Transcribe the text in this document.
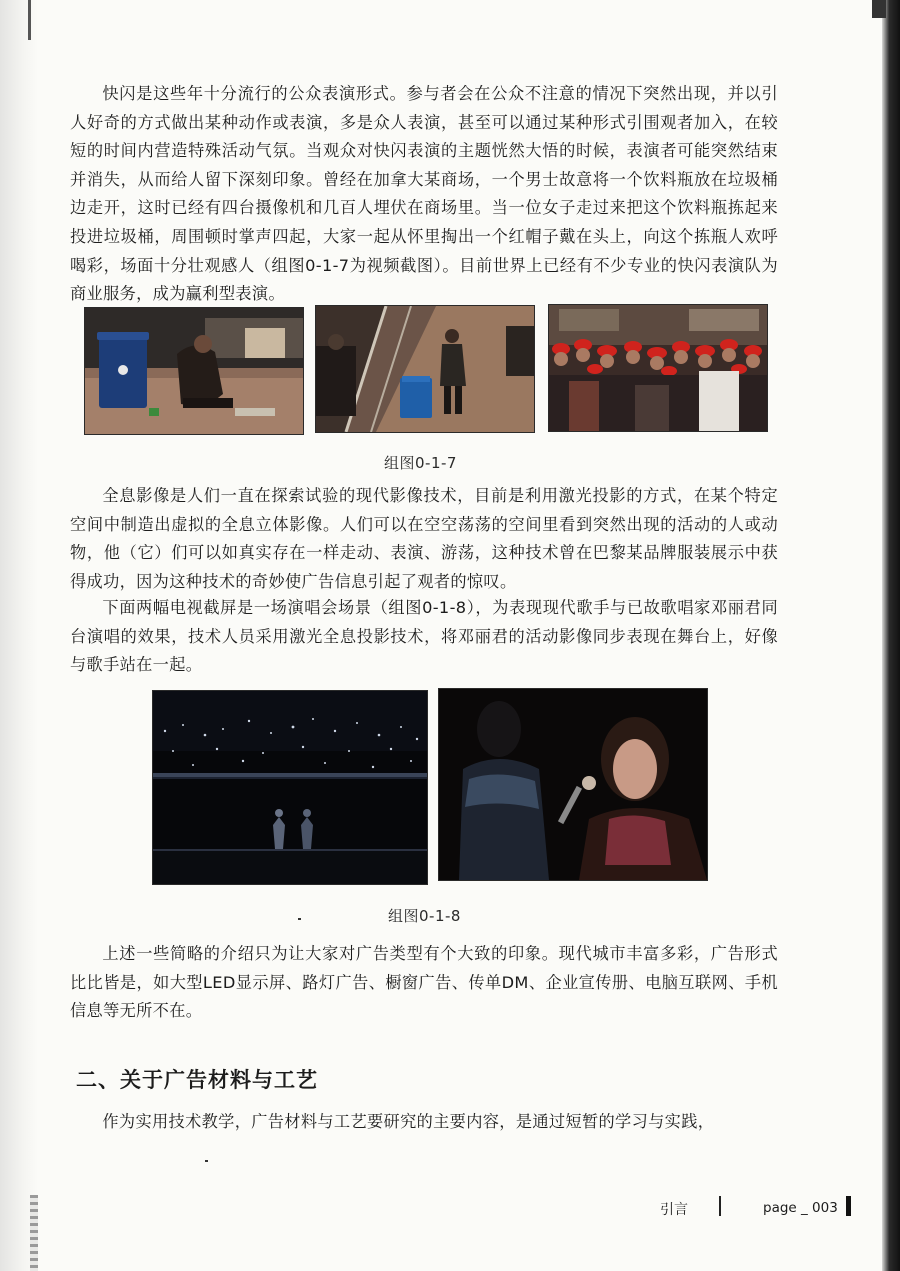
快闪是这些年十分流行的公众表演形式。参与者会在公众不注意的情况下突然出现，并以引人好奇的方式做出某种动作或表演，多是众人表演，甚至可以通过某种形式引围观者加入，在较短的时间内营造特殊活动气氛。当观众对快闪表演的主题恍然大悟的时候，表演者可能突然结束并消失，从而给人留下深刻印象。曾经在加拿大某商场，一个男士故意将一个饮料瓶放在垃圾桶边走开，这时已经有四台摄像机和几百人埋伏在商场里。当一位女子走过来把这个饮料瓶拣起来投进垃圾桶，周围顿时掌声四起，大家一起从怀里掏出一个红帽子戴在头上，向这个拣瓶人欢呼喝彩，场面十分壮观感人（组图0-1-7为视频截图）。目前世界上已经有不少专业的快闪表演队为商业服务，成为赢利型表演。

组图0-1-7

全息影像是人们一直在探索试验的现代影像技术，目前是利用激光投影的方式，在某个特定空间中制造出虚拟的全息立体影像。人们可以在空空荡荡的空间里看到突然出现的活动的人或动物，他（它）们可以如真实存在一样走动、表演、游荡，这种技术曾在巴黎某品牌服装展示中获得成功，因为这种技术的奇妙使广告信息引起了观者的惊叹。

下面两幅电视截屏是一场演唱会场景（组图0-1-8），为表现现代歌手与已故歌唱家邓丽君同台演唱的效果，技术人员采用激光全息投影技术，将邓丽君的活动影像同步表现在舞台上，好像与歌手站在一起。

组图0-1-8

上述一些简略的介绍只为让大家对广告类型有个大致的印象。现代城市丰富多彩，广告形式比比皆是，如大型LED显示屏、路灯广告、橱窗广告、传单DM、企业宣传册、电脑互联网、手机信息等无所不在。

二、关于广告材料与工艺

作为实用技术教学，广告材料与工艺要研究的主要内容，是通过短暂的学习与实践，

引言	page _ 003
